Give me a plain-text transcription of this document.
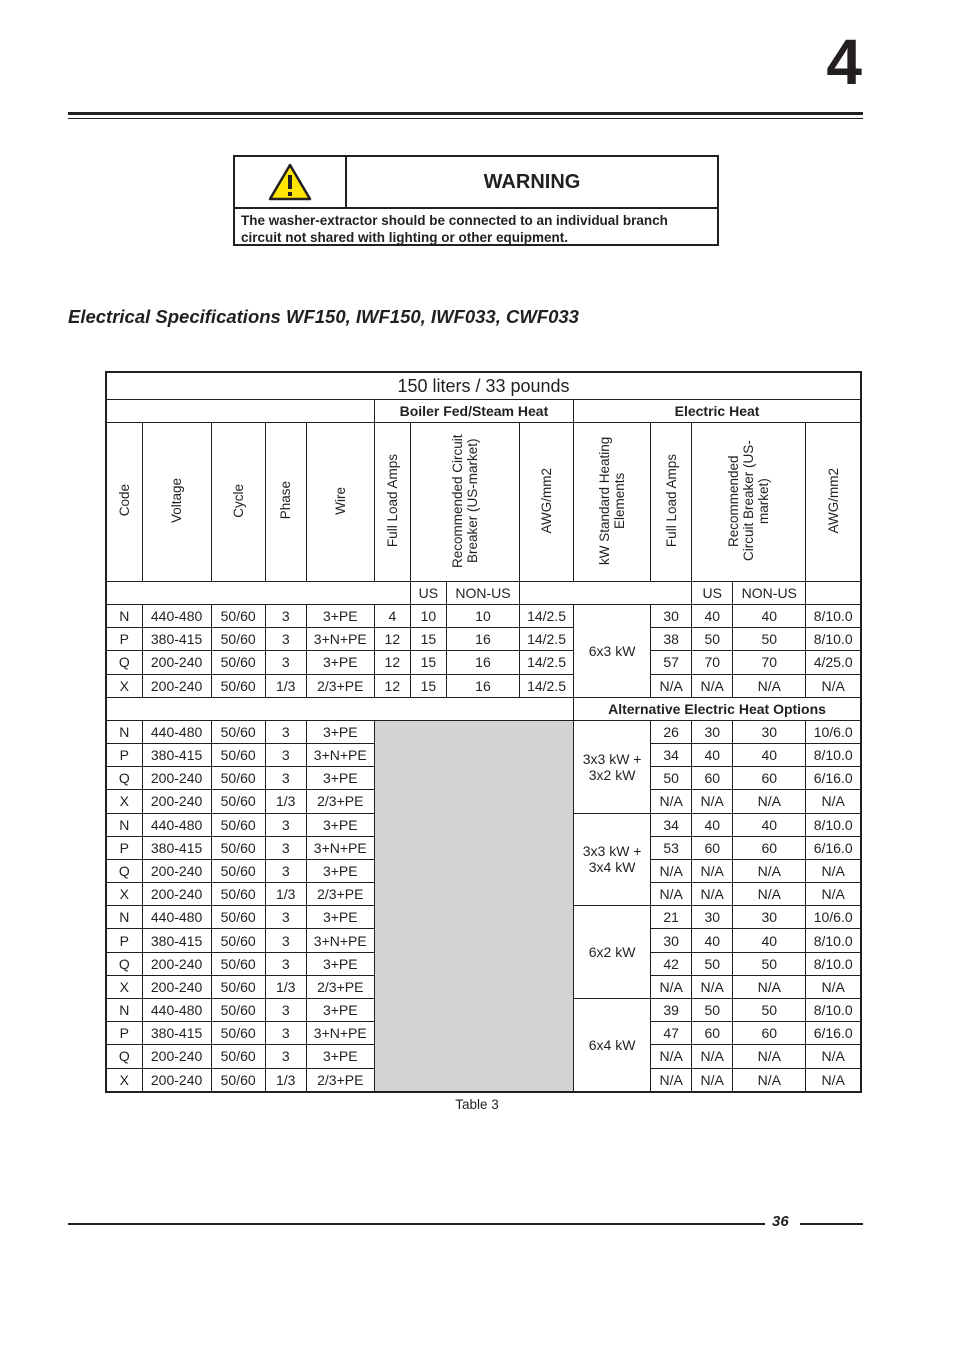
4
WARNING
The washer-extractor should be connected to an individual branch circuit not shared with lighting or other equipment.
Electrical Specifications WF150, IWF150, IWF033, CWF033
150 liters / 33 pounds													
					Boiler Fed/Steam Heat				Electric Heat				
Code	Voltage	Cycle	Phase	Wire	Full Load Amps	Recommended Circuit Breaker (US-market)		AWG/mm2	kW Standard Heating Elements	Full Load Amps	Recommended Circuit Breaker (US-market)		AWG/mm2
						US	NON-US				US	NON-US	
N	440-480	50/60	3	3+PE	4	10	10	14/2.5	6x3 kW	30	40	40	8/10.0
P	380-415	50/60	3	3+N+PE	12	15	16	14/2.5		38	50	50	8/10.0
Q	200-240	50/60	3	3+PE	12	15	16	14/2.5		57	70	70	4/25.0
X	200-240	50/60	1/3	2/3+PE	12	15	16	14/2.5		N/A	N/A	N/A	N/A
									Alternative Electric Heat Options				
N	440-480	50/60	3	3+PE					3x3 kW + 3x2 kW	26	30	30	10/6.0
P	380-415	50/60	3	3+N+PE						34	40	40	8/10.0
Q	200-240	50/60	3	3+PE						50	60	60	6/16.0
X	200-240	50/60	1/3	2/3+PE						N/A	N/A	N/A	N/A
N	440-480	50/60	3	3+PE					3x3 kW + 3x4 kW	34	40	40	8/10.0
P	380-415	50/60	3	3+N+PE						53	60	60	6/16.0
Q	200-240	50/60	3	3+PE						N/A	N/A	N/A	N/A
X	200-240	50/60	1/3	2/3+PE						N/A	N/A	N/A	N/A
N	440-480	50/60	3	3+PE					6x2 kW	21	30	30	10/6.0
P	380-415	50/60	3	3+N+PE						30	40	40	8/10.0
Q	200-240	50/60	3	3+PE						42	50	50	8/10.0
X	200-240	50/60	1/3	2/3+PE						N/A	N/A	N/A	N/A
N	440-480	50/60	3	3+PE					6x4 kW	39	50	50	8/10.0
P	380-415	50/60	3	3+N+PE						47	60	60	6/16.0
Q	200-240	50/60	3	3+PE						N/A	N/A	N/A	N/A
X	200-240	50/60	1/3	2/3+PE						N/A	N/A	N/A	N/A
Table 3
36
